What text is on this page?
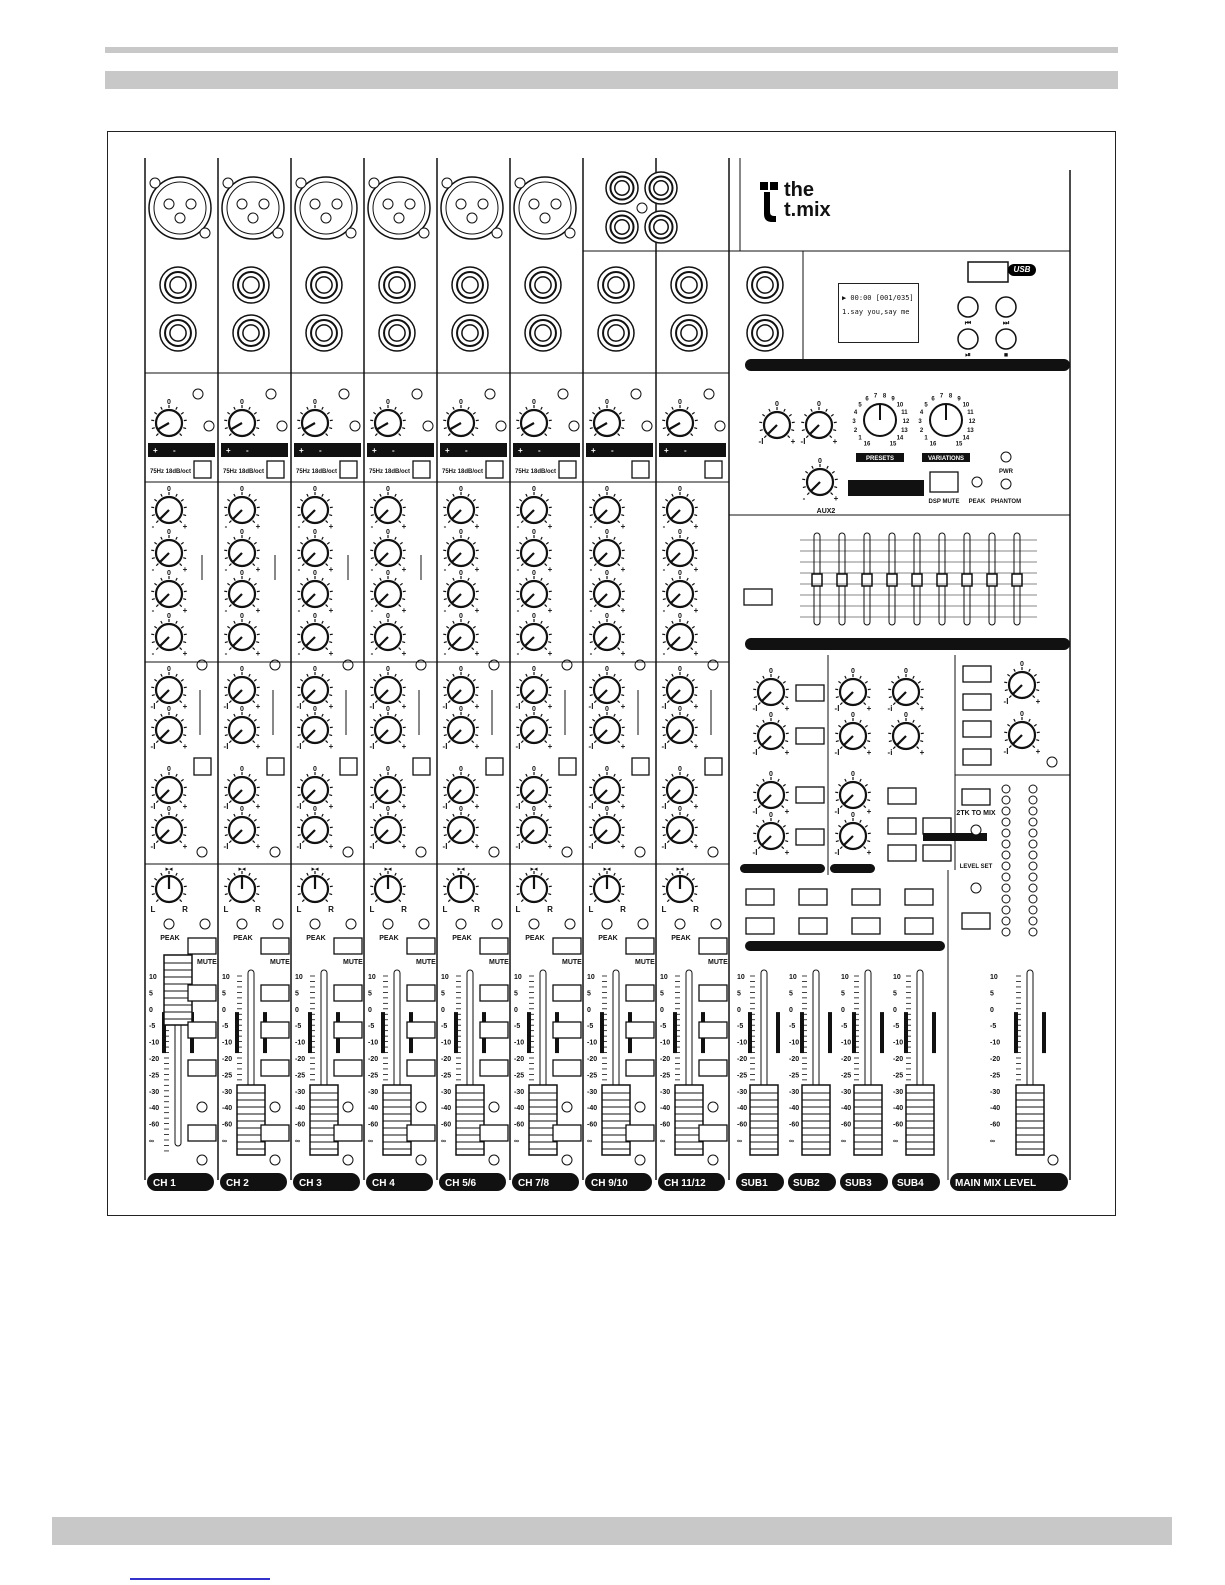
0
+ -
75Hz 18dB/oct
0
-	+
0
-	+
0
-	+
0
-	+
0
-I	+
0
-I	+
0
-I	+
0
-I	+
▸◂
L	R
PEAK
MUTE
10
5
0
-5
-10
-20
-25
-30
-40
-60
∞
CH 1
0
+ -
75Hz 18dB/oct
0
-	+
0
-	+
0
-	+
0
-	+
0
-I	+
0
-I	+
0
-I	+
0
-I	+
▸◂
L	R
PEAK
MUTE
10
5
0
-5
-10
-20
-25
-30
-40
-60
∞
CH 2
0
+ -
75Hz 18dB/oct
0
-	+
0
-	+
0
-	+
0
-	+
0
-I	+
0
-I	+
0
-I	+
0
-I	+
▸◂
L	R
PEAK
MUTE
10
5
0
-5
-10
-20
-25
-30
-40
-60
∞
CH 3
0
+ -
75Hz 18dB/oct
0
-	+
0
-	+
0
-	+
0
-	+
0
-I	+
0
-I	+
0
-I	+
0
-I	+
▸◂
L	R
PEAK
MUTE
10
5
0
-5
-10
-20
-25
-30
-40
-60
∞
CH 4
0
+ -
75Hz 18dB/oct
0
-	+
0
-	+
0
-	+
0
-	+
0
-I	+
0
-I	+
0
-I	+
0
-I	+
▸◂
L	R
PEAK
MUTE
10
5
0
-5
-10
-20
-25
-30
-40
-60
∞
CH 5/6
0
+ -
75Hz 18dB/oct
0
-	+
0
-	+
0
-	+
0
-	+
0
-I	+
0
-I	+
0
-I	+
0
-I	+
▸◂
L	R
PEAK
MUTE
10
5
0
-5
-10
-20
-25
-30
-40
-60
∞
CH 7/8
0
+ -
0
-	+
0
-	+
0
-	+
0
-	+
0
-I	+
0
-I	+
0
-I	+
0
-I	+
▸◂
L	R
PEAK
MUTE
10
5
0
-5
-10
-20
-25
-30
-40
-60
∞
CH 9/10
0
+ -
0
-	+
0
-	+
0
-	+
0
-	+
0
-I	+
0
-I	+
0
-I	+
0
-I	+
▸◂
L	R
PEAK
MUTE
10
5
0
-5
-10
-20
-25
-30
-40
-60
∞
CH 11/12
⏮	⏭
⏯	■
0
-I	+
0
-I	+
0
-	+
AUX2
16
1
2
3
4
5
6
7 8
9
10
11
12
13
14
15
PRESETS
16
1
2
3
4
5
6
7 8
9
10
11
12
13
14
15
VARIATIONS
DSP MUTE PEAK
PWR
PHANTOM
0
-I	+
0
-I	+
0
-I	+
0
-I	+
0
-I	+
0
-I	+
0
-I	+
0
-I	+
0
-i	+
0
-i	+
0
-I	+
0
-I	+
2TK TO MIX
LEVEL SET
10
5
0
-5
-10
-20
-25
-30
-40
-60
∞
SUB1
10
5
0
-5
-10
-20
-25
-30
-40
-60
∞
SUB2
10
5
0
-5
-10
-20
-25
-30
-40
-60
∞
SUB3
10
5
0
-5
-10
-20
-25
-30
-40
-60
∞
SUB4
10
5
0
-5
-10
-20
-25
-30
-40
-60
∞
MAIN MIX LEVEL
the
t.mix
▶ 00:00 [001/035]
1.say you,say me
USB
